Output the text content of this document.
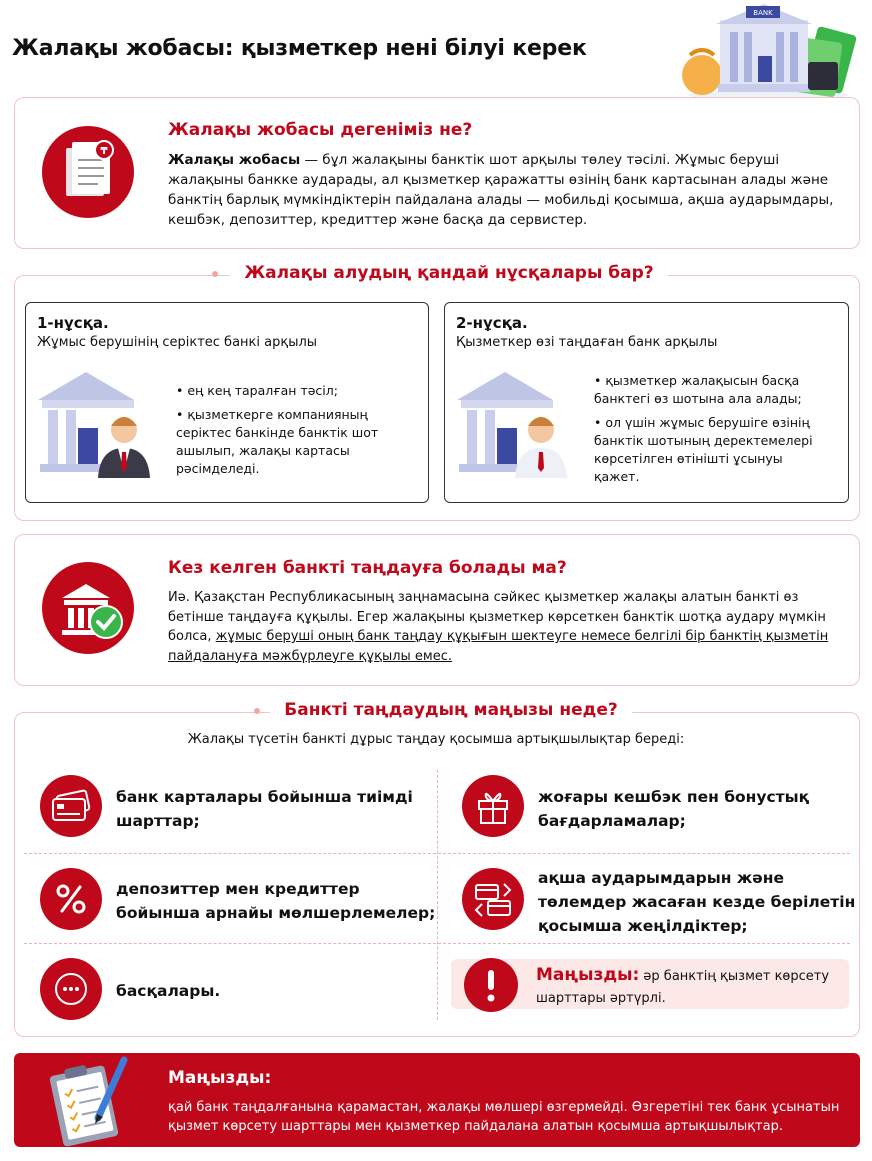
Жалақы жобасы: қызметкер нені білуі керек
BANK
₸
Жалақы жобасы дегеніміз не?
Жалақы жобасы — бұл жалақыны банктік шот арқылы төлеу тәсілі. Жұмыс беруші жалақыны банкке аударады, ал қызметкер қаражатты өзінің банк картасынан алады және банктің барлық мүмкіндіктерін пайдалана алады — мобильді қосымша, ақша аударымдары, кешбэк, депозиттер, кредиттер және басқа да сервистер.
Жалақы алудың қандай нұсқалары бар?
1-нұсқа.
Жұмыс берушінің серіктес банкі арқылы
• ең кең таралған тәсіл;
• қызметкерге компанияның серіктес банкінде банктік шот ашылып, жалақы картасы рәсімделеді.
2-нұсқа.
Қызметкер өзі таңдаған банк арқылы
• қызметкер жалақысын басқа банктегі өз шотына ала алады;
• ол үшін жұмыс берушіге өзінің банктік шотының деректемелері көрсетілген өтінішті ұсынуы қажет.
Кез келген банкті таңдауға болады ма?
Иә. Қазақстан Республикасының заңнамасына сәйкес қызметкер жалақы алатын банкті өз бетінше таңдауға құқылы. Егер жалақыны қызметкер көрсеткен банктік шотқа аудару мүмкін болса, жұмыс беруші оның банк таңдау құқығын шектеуге немесе белгілі бір банктің қызметін пайдалануға мәжбүрлеуге құқылы емес.
Банкті таңдаудың маңызы неде?
Жалақы түсетін банкті дұрыс таңдау қосымша артықшылықтар береді:
банк карталары бойынша тиімді шарттар;
жоғары кешбэк пен бонустық бағдарламалар;
депозиттер мен кредиттер бойынша арнайы мөлшерлемелер;
ақша аударымдарын және төлемдер жасаған кезде берілетін қосымша жеңілдіктер;
басқалары.
Маңызды: әр банктің қызмет көрсету шарттары әртүрлі.
Маңызды:
қай банк таңдалғанына қарамастан, жалақы мөлшері өзгермейді. Өзгеретіні тек банк ұсынатын қызмет көрсету шарттары мен қызметкер пайдалана алатын қосымша артықшылықтар.
